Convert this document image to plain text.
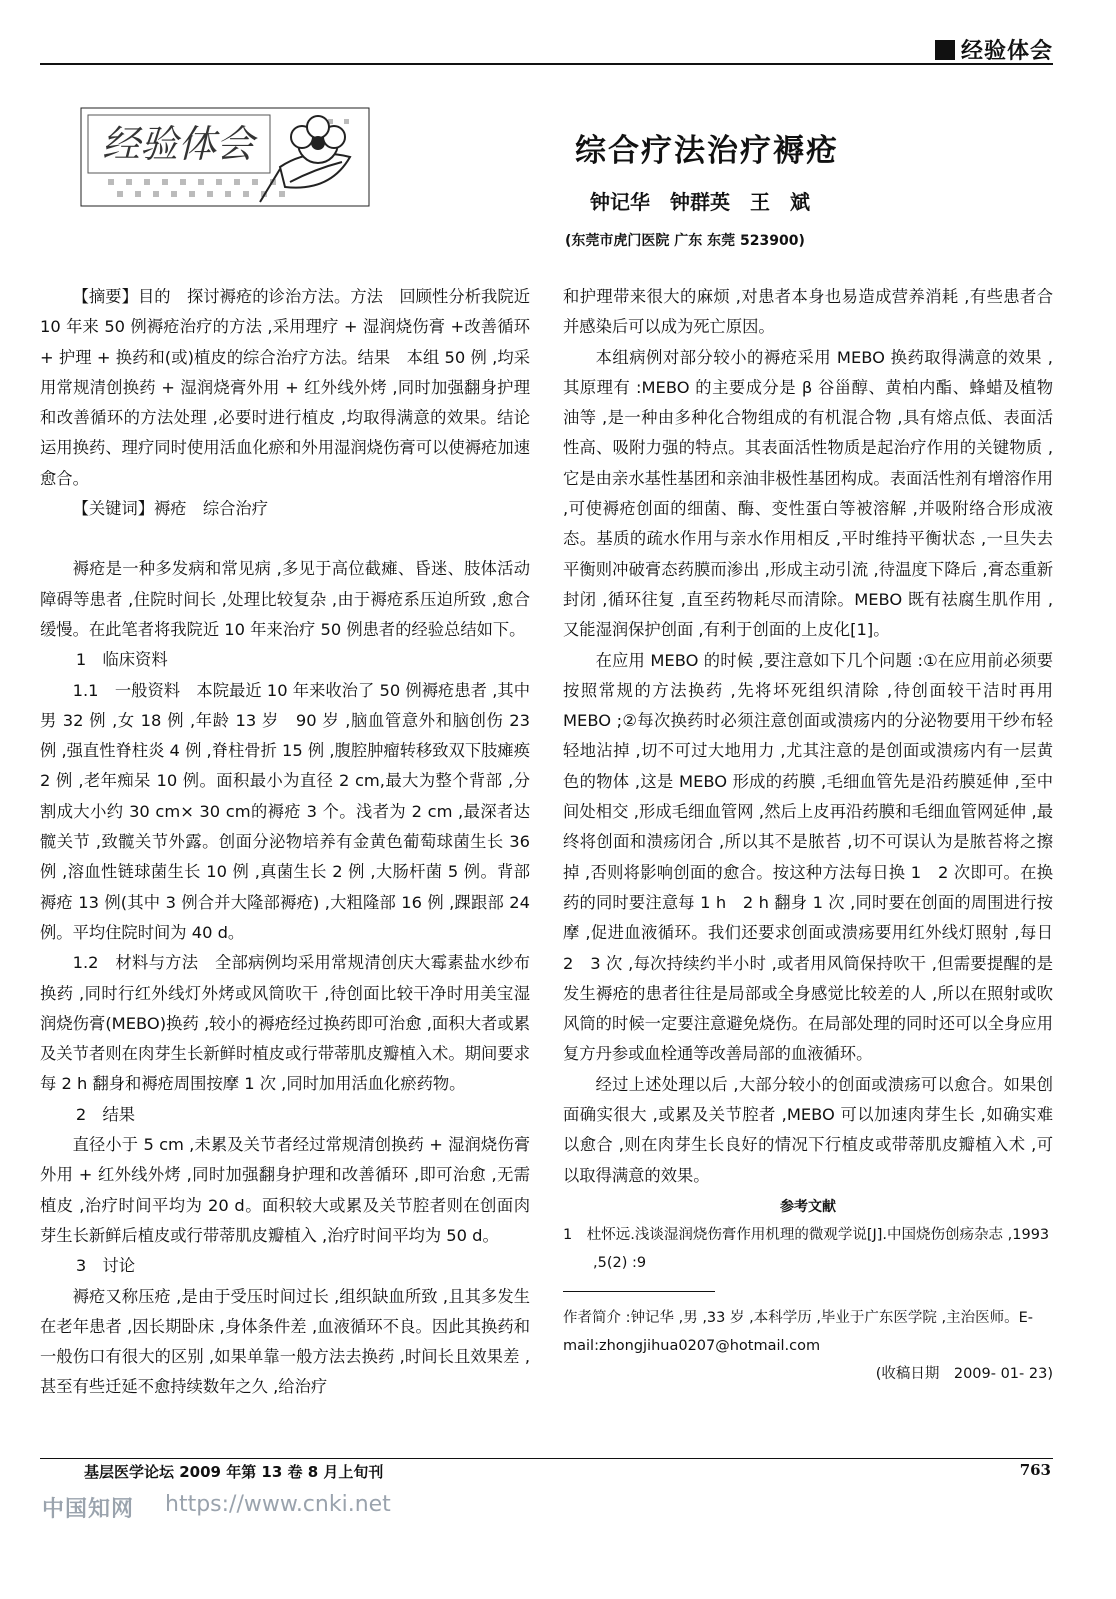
经验体会
经验体会	综合疗法治疗褥疮
钟记华　钟群英　王　斌
(东莞市虎门医院 广东 东莞 523900)

【摘要】目的　探讨褥疮的诊治方法。方法　回顾性分析我院近 10 年来 50 例褥疮治疗的方法 ,采用理疗 + 湿润烧伤膏 +改善循环 + 护理 + 换药和(或)植皮的综合治疗方法。结果　本组 50 例 ,均采用常规清创换药 + 湿润烧膏外用 + 红外线外烤 ,同时加强翻身护理和改善循环的方法处理 ,必要时进行植皮 ,均取得满意的效果。结论　运用换药、理疗同时使用活血化瘀和外用湿润烧伤膏可以使褥疮加速愈合。

【关键词】褥疮　综合治疗

褥疮是一种多发病和常见病 ,多见于高位截瘫、昏迷、肢体活动障碍等患者 ,住院时间长 ,处理比较复杂 ,由于褥疮系压迫所致 ,愈合缓慢。在此笔者将我院近 10 年来治疗 50 例患者的经验总结如下。

1　临床资料

1.1　一般资料　本院最近 10 年来收治了 50 例褥疮患者 ,其中男 32 例 ,女 18 例 ,年龄 13 岁　90 岁 ,脑血管意外和脑创伤 23 例 ,强直性脊柱炎 4 例 ,脊柱骨折 15 例 ,腹腔肿瘤转移致双下肢瘫痪 2 例 ,老年痴呆 10 例。面积最小为直径 2 cm,最大为整个背部 ,分割成大小约 30 cm× 30 cm的褥疮 3 个。浅者为 2 cm ,最深者达髋关节 ,致髋关节外露。创面分泌物培养有金黄色葡萄球菌生长 36 例 ,溶血性链球菌生长 10 例 ,真菌生长 2 例 ,大肠杆菌 5 例。背部褥疮 13 例(其中 3 例合并大隆部褥疮) ,大粗隆部 16 例 ,踝跟部 24例。平均住院时间为 40 d。

1.2　材料与方法　全部病例均采用常规清创庆大霉素盐水纱布换药 ,同时行红外线灯外烤或风筒吹干 ,待创面比较干净时用美宝湿润烧伤膏(MEBO)换药 ,较小的褥疮经过换药即可治愈 ,面积大者或累及关节者则在肉芽生长新鲜时植皮或行带蒂肌皮瓣植入术。期间要求每 2 h 翻身和褥疮周围按摩 1 次 ,同时加用活血化瘀药物。

2　结果

直径小于 5 cm ,未累及关节者经过常规清创换药 + 湿润烧伤膏外用 + 红外线外烤 ,同时加强翻身护理和改善循环 ,即可治愈 ,无需植皮 ,治疗时间平均为 20 d。面积较大或累及关节腔者则在创面肉芽生长新鲜后植皮或行带蒂肌皮瓣植入 ,治疗时间平均为 50 d。

3　讨论

褥疮又称压疮 ,是由于受压时间过长 ,组织缺血所致 ,且其多发生在老年患者 ,因长期卧床 ,身体条件差 ,血液循环不良。因此其换药和一般伤口有很大的区别 ,如果单靠一般方法去换药 ,时间长且效果差 ,甚至有些迁延不愈持续数年之久 ,给治疗

和护理带来很大的麻烦 ,对患者本身也易造成营养消耗 ,有些患者合并感染后可以成为死亡原因。

本组病例对部分较小的褥疮采用 MEBO 换药取得满意的效果 ,其原理有 :MEBO 的主要成分是 β 谷甾醇、黄柏内酯、蜂蜡及植物油等 ,是一种由多种化合物组成的有机混合物 ,具有熔点低、表面活性高、吸附力强的特点。其表面活性物质是起治疗作用的关键物质 ,它是由亲水基性基团和亲油非极性基团构成。表面活性剂有增溶作用 ,可使褥疮创面的细菌、酶、变性蛋白等被溶解 ,并吸附络合形成液态。基质的疏水作用与亲水作用相反 ,平时维持平衡状态 ,一旦失去平衡则冲破膏态药膜而渗出 ,形成主动引流 ,待温度下降后 ,膏态重新封闭 ,循环往复 ,直至药物耗尽而清除。MEBO 既有祛腐生肌作用 ,又能湿润保护创面 ,有利于创面的上皮化[1]。

在应用 MEBO 的时候 ,要注意如下几个问题 :①在应用前必须要按照常规的方法换药 ,先将坏死组织清除 ,待创面较干洁时再用 MEBO ;②每次换药时必须注意创面或溃疡内的分泌物要用干纱布轻轻地沾掉 ,切不可过大地用力 ,尤其注意的是创面或溃疡内有一层黄色的物体 ,这是 MEBO 形成的药膜 ,毛细血管先是沿药膜延伸 ,至中间处相交 ,形成毛细血管网 ,然后上皮再沿药膜和毛细血管网延伸 ,最终将创面和溃疡闭合 ,所以其不是脓苔 ,切不可误认为是脓苔将之擦掉 ,否则将影响创面的愈合。按这种方法每日换 1　2 次即可。在换药的同时要注意每 1 h　2 h 翻身 1 次 ,同时要在创面的周围进行按摩 ,促进血液循环。我们还要求创面或溃疡要用红外线灯照射 ,每日 2　3 次 ,每次持续约半小时 ,或者用风筒保持吹干 ,但需要提醒的是发生褥疮的患者往往是局部或全身感觉比较差的人 ,所以在照射或吹风筒的时候一定要注意避免烧伤。在局部处理的同时还可以全身应用复方丹参或血栓通等改善局部的血液循环。

经过上述处理以后 ,大部分较小的创面或溃疡可以愈合。如果创面确实很大 ,或累及关节腔者 ,MEBO 可以加速肉芽生长 ,如确实难以愈合 ,则在肉芽生长良好的情况下行植皮或带蒂肌皮瓣植入术 ,可以取得满意的效果。

参考文献
1　杜怀远.浅谈湿润烧伤膏作用机理的微观学说[J].中国烧伤创疡杂志 ,1993 ,5(2) :9
作者简介 :钟记华 ,男 ,33 岁 ,本科学历 ,毕业于广东医学院 ,主治医师。E-mail:zhongjihua0207@hotmail.com
(收稿日期　2009- 01- 23)
基层医学论坛 2009 年第 13 卷 8 月上旬刊	763
中国知网 https://www.cnki.net
